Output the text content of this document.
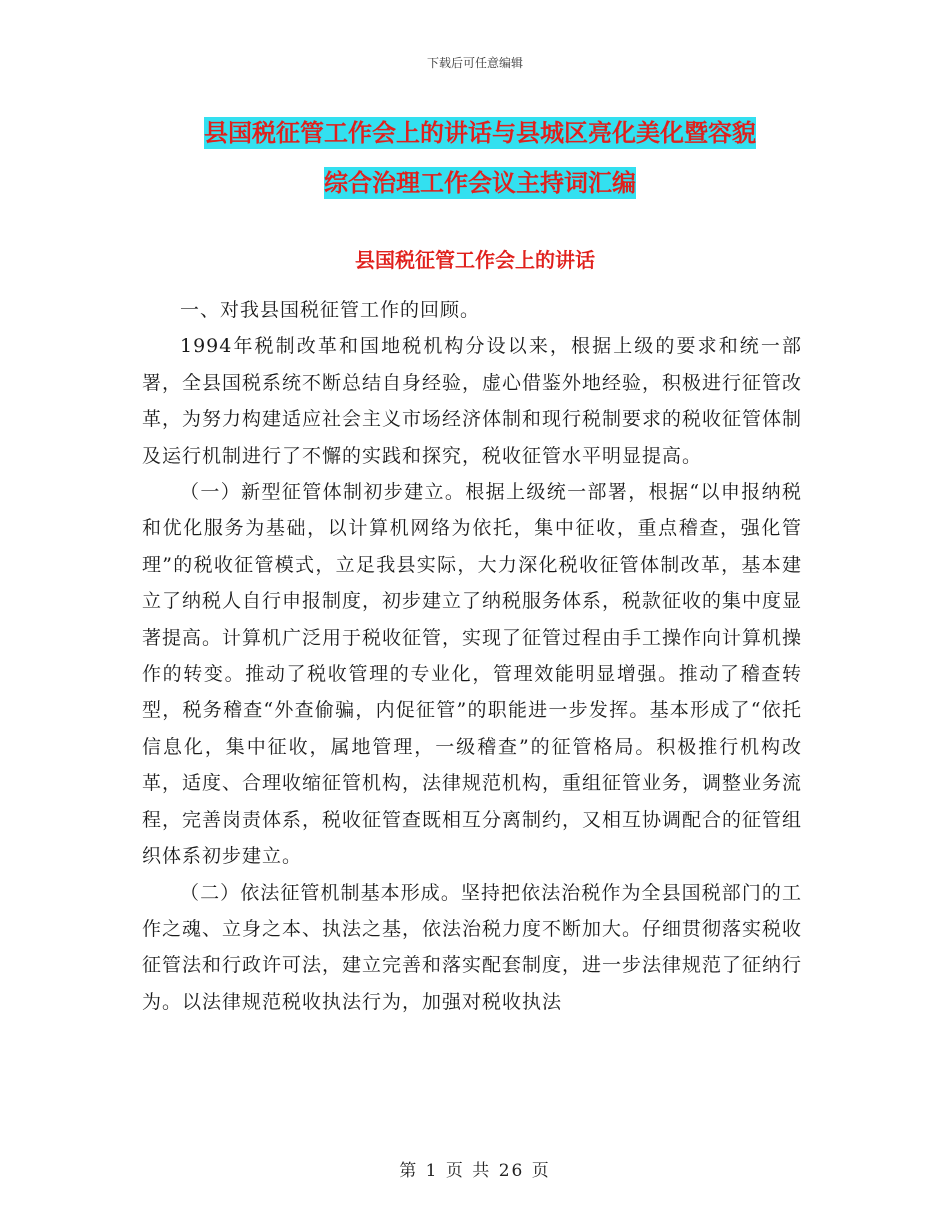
下载后可任意编辑
县国税征管工作会上的讲话与县城区亮化美化暨容貌
综合治理工作会议主持词汇编
县国税征管工作会上的讲话

一、对我县国税征管工作的回顾。

1994年税制改革和国地税机构分设以来，根据上级的要求和统一部署，全县国税系统不断总结自身经验，虚心借鉴外地经验，积极进行征管改革，为努力构建适应社会主义市场经济体制和现行税制要求的税收征管体制及运行机制进行了不懈的实践和探究，税收征管水平明显提高。

（一）新型征管体制初步建立。根据上级统一部署，根据“以申报纳税和优化服务为基础，以计算机网络为依托，集中征收，重点稽查，强化管理”的税收征管模式，立足我县实际，大力深化税收征管体制改革，基本建立了纳税人自行申报制度，初步建立了纳税服务体系，税款征收的集中度显著提高。计算机广泛用于税收征管，实现了征管过程由手工操作向计算机操作的转变。推动了税收管理的专业化，管理效能明显增强。推动了稽查转型，税务稽查“外查偷骗，内促征管”的职能进一步发挥。基本形成了“依托信息化，集中征收，属地管理，一级稽查”的征管格局。积极推行机构改革，适度、合理收缩征管机构，法律规范机构，重组征管业务，调整业务流程，完善岗责体系，税收征管查既相互分离制约，又相互协调配合的征管组织体系初步建立。

（二）依法征管机制基本形成。坚持把依法治税作为全县国税部门的工作之魂、立身之本、执法之基，依法治税力度不断加大。仔细贯彻落实税收征管法和行政许可法，建立完善和落实配套制度，进一步法律规范了征纳行为。以法律规范税收执法行为，加强对税收执法

第 1 页 共 26 页
